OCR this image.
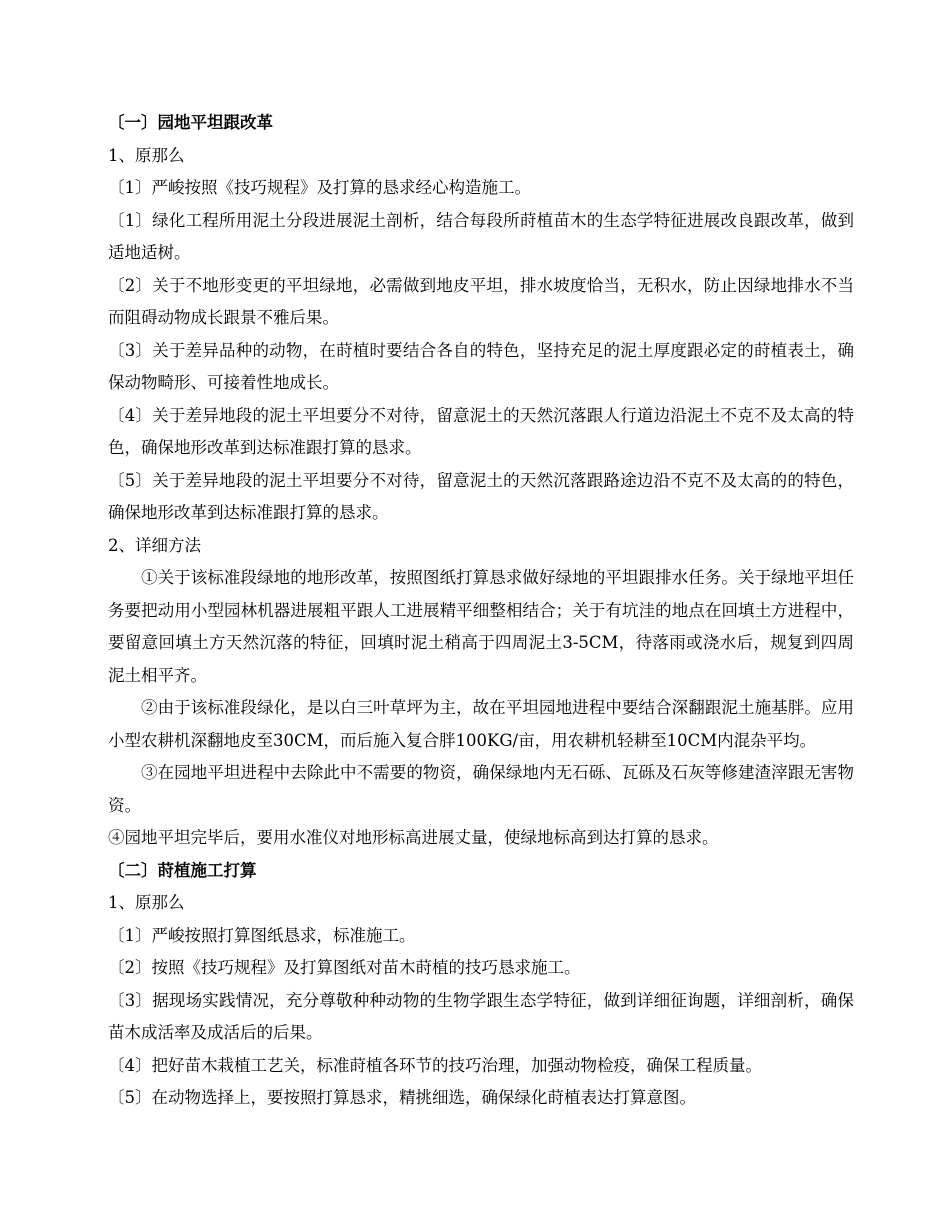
〔一〕园地平坦跟改革

1、原那么

〔1〕严峻按照《技巧规程》及打算的恳求经心构造施工。

〔1〕绿化工程所用泥土分段进展泥土剖析，结合每段所莳植苗木的生态学特征进展改良跟改革，做到适地适树。

〔2〕关于不地形变更的平坦绿地，必需做到地皮平坦，排水坡度恰当，无积水，防止因绿地排水不当而阻碍动物成长跟景不雅后果。

〔3〕关于差异品种的动物，在莳植时要结合各自的特色，坚持充足的泥土厚度跟必定的莳植表土，确保动物畸形、可接着性地成长。

〔4〕关于差异地段的泥土平坦要分不对待，留意泥土的天然沉落跟人行道边沿泥土不克不及太高的特色，确保地形改革到达标准跟打算的恳求。

〔5〕关于差异地段的泥土平坦要分不对待，留意泥土的天然沉落跟路途边沿不克不及太高的的特色，确保地形改革到达标准跟打算的恳求。

2、详细方法

①关于该标准段绿地的地形改革，按照图纸打算恳求做好绿地的平坦跟排水任务。关于绿地平坦任务要把动用小型园林机器进展粗平跟人工进展精平细整相结合；关于有坑洼的地点在回填土方进程中，要留意回填土方天然沉落的特征，回填时泥土稍高于四周泥土3-5CM，待落雨或浇水后，规复到四周泥土相平齐。

②由于该标准段绿化，是以白三叶草坪为主，故在平坦园地进程中要结合深翻跟泥土施基胖。应用小型农耕机深翻地皮至30CM，而后施入复合胖100KG/亩，用农耕机轻耕至10CM内混杂平均。

③在园地平坦进程中去除此中不需要的物资，确保绿地内无石砾、瓦砾及石灰等修建渣滓跟无害物资。

④园地平坦完毕后，要用水准仪对地形标高进展丈量，使绿地标高到达打算的恳求。

〔二〕莳植施工打算

1、原那么

〔1〕严峻按照打算图纸恳求，标准施工。

〔2〕按照《技巧规程》及打算图纸对苗木莳植的技巧恳求施工。

〔3〕据现场实践情况，充分尊敬种种动物的生物学跟生态学特征，做到详细征询题，详细剖析，确保苗木成活率及成活后的后果。

〔4〕把好苗木栽植工艺关，标准莳植各环节的技巧治理，加强动物检疫，确保工程质量。

〔5〕在动物选择上，要按照打算恳求，精挑细选，确保绿化莳植表达打算意图。
